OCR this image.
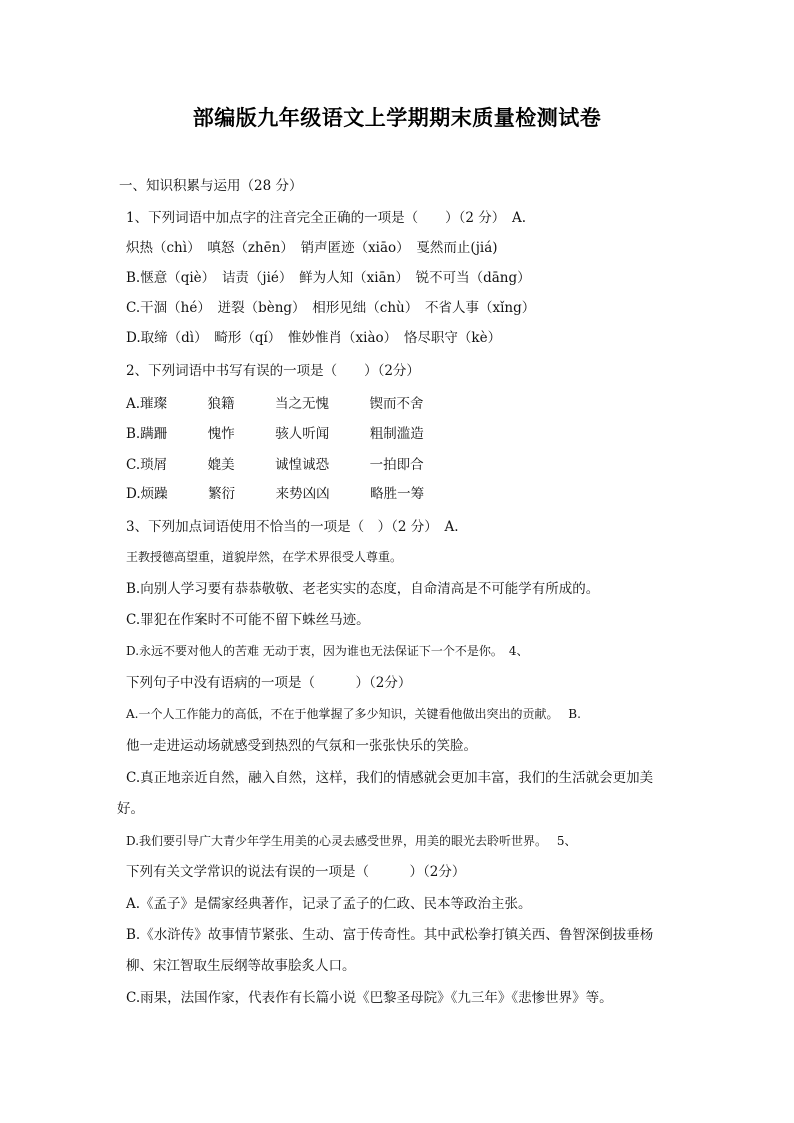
部编版九年级语文上学期期末质量检测试卷
一、知识积累与运用（28 分）
1、下列词语中加点字的注音完全正确的一项是（　　）（2 分）　A.
炽热（chì）　嗔怒（zhēn）　销声匿迹（xiāo）　戛然而止(jiá)
B.惬意（qiè）　诘责（jié）　鲜为人知（xiān）　锐不可当（dāng）
C.干涸（hé）　迸裂（bèng）　相形见绌（chù）　不省人事（xǐng）
D.取缔（dì）　畸形（qí）　惟妙惟肖（xiào）　恪尽职守（kè）
2、下列词语中书写有误的一项是（　　）（2分）
A.璀璨　　　狼籍　　　当之无愧　　　锲而不舍
B.蹒跚　　　愧怍　　　骇人听闻　　　粗制滥造
C.琐屑　　　媲美　　　诚惶诚恐　　　一拍即合
D.烦躁　　　繁衍　　　来势凶凶　　　略胜一筹
3、下列加点词语使用不恰当的一项是（　）（2 分）　A.
王教授德高望重，道貌岸然，在学术界很受人尊重。
B.向别人学习要有恭恭敬敬、老老实实的态度，自命清高是不可能学有所成的。
C.罪犯在作案时不可能不留下蛛丝马迹。
D.永远不要对他人的苦难 无动于衷，因为谁也无法保证下一个不是你。　4、
下列句子中没有语病的一项是（　　　）（2分）
A.一个人工作能力的高低，不在于他掌握了多少知识，关键看他做出突出的贡献。　 B.
他一走进运动场就感受到热烈的气氛和一张张快乐的笑脸。
C.真正地亲近自然，融入自然，这样，我们的情感就会更加丰富，我们的生活就会更加美
好。
D.我们要引导广大青少年学生用美的心灵去感受世界，用美的眼光去聆听世界。　 5、
下列有关文学常识的说法有误的一项是（　　　）（2分）
A.《孟子》是儒家经典著作，记录了孟子的仁政、民本等政治主张。
B.《水浒传》故事情节紧张、生动、富于传奇性。其中武松拳打镇关西、鲁智深倒拔垂杨
柳、宋江智取生辰纲等故事脍炙人口。
C.雨果，法国作家，代表作有长篇小说《巴黎圣母院》《九三年》《悲惨世界》等。
